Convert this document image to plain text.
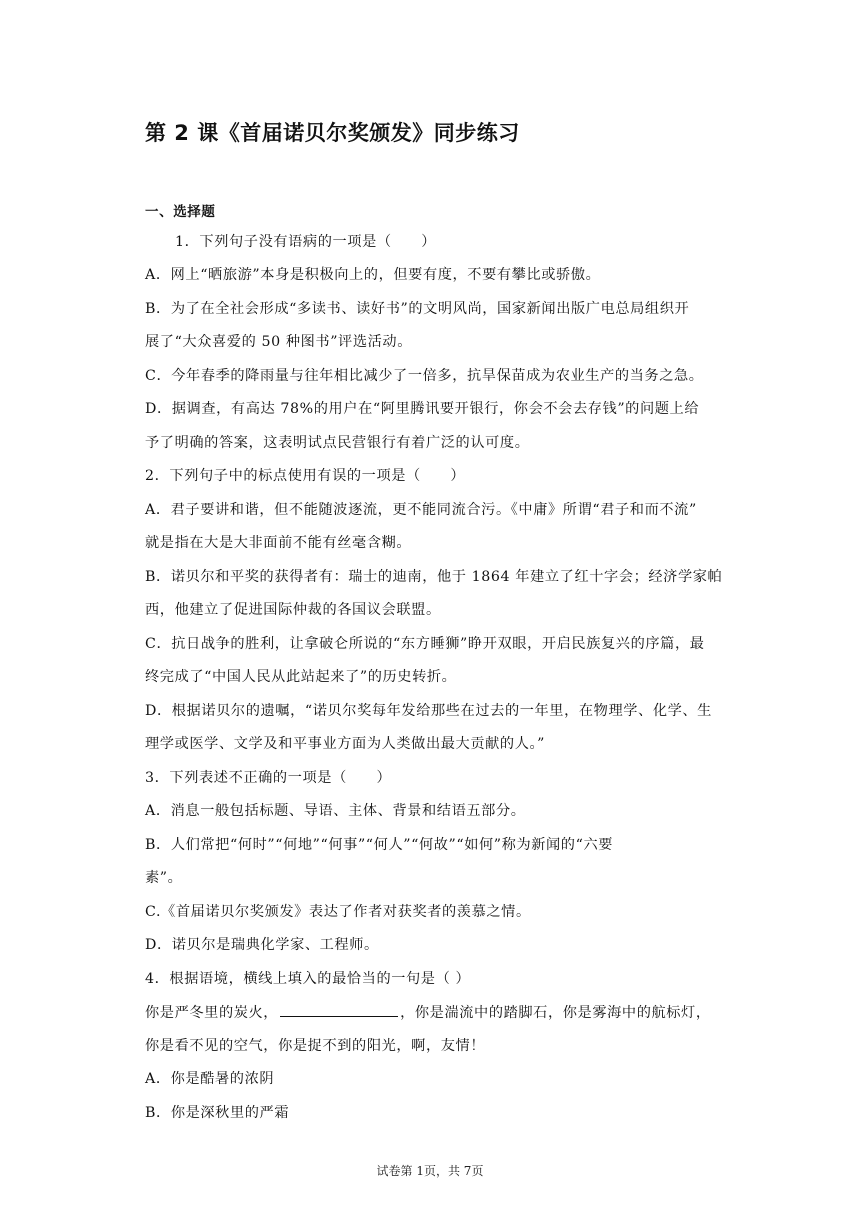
第 2 课《首届诺贝尔奖颁发》同步练习
一、选择题
1．下列句子没有语病的一项是（　　）
A．网上“晒旅游”本身是积极向上的，但要有度，不要有攀比或骄傲。
B．为了在全社会形成“多读书、读好书”的文明风尚，国家新闻出版广电总局组织开
展了“大众喜爱的 50 种图书”评选活动。
C．今年春季的降雨量与往年相比减少了一倍多，抗旱保苗成为农业生产的当务之急。
D．据调查，有高达 78%的用户在“阿里腾讯要开银行，你会不会去存钱”的问题上给
予了明确的答案，这表明试点民营银行有着广泛的认可度。
2．下列句子中的标点使用有误的一项是（　　）
A．君子要讲和谐，但不能随波逐流，更不能同流合污。《中庸》所谓“君子和而不流”
就是指在大是大非面前不能有丝毫含糊。
B．诺贝尔和平奖的获得者有：瑞士的迪南，他于 1864 年建立了红十字会；经济学家帕
西，他建立了促进国际仲裁的各国议会联盟。
C．抗日战争的胜利，让拿破仑所说的“东方睡狮”睁开双眼，开启民族复兴的序篇，最
终完成了“中国人民从此站起来了”的历史转折。
D．根据诺贝尔的遗嘱，“诺贝尔奖每年发给那些在过去的一年里，在物理学、化学、生
理学或医学、文学及和平事业方面为人类做出最大贡献的人。”
3．下列表述不正确的一项是（　　）
A．消息一般包括标题、导语、主体、背景和结语五部分。
B．人们常把“何时”“何地”“何事”“何人”“何故”“如何”称为新闻的“六要
素”。
C.《首届诺贝尔奖颁发》表达了作者对获奖者的羡慕之情。
D．诺贝尔是瑞典化学家、工程师。
4．根据语境，横线上填入的最恰当的一句是（ ）
你是严冬里的炭火，	，你是湍流中的踏脚石，你是雾海中的航标灯，
你是看不见的空气，你是捉不到的阳光，啊，友情！
A．你是酷暑的浓阴
B．你是深秋里的严霜
试卷第 1页，共 7页
